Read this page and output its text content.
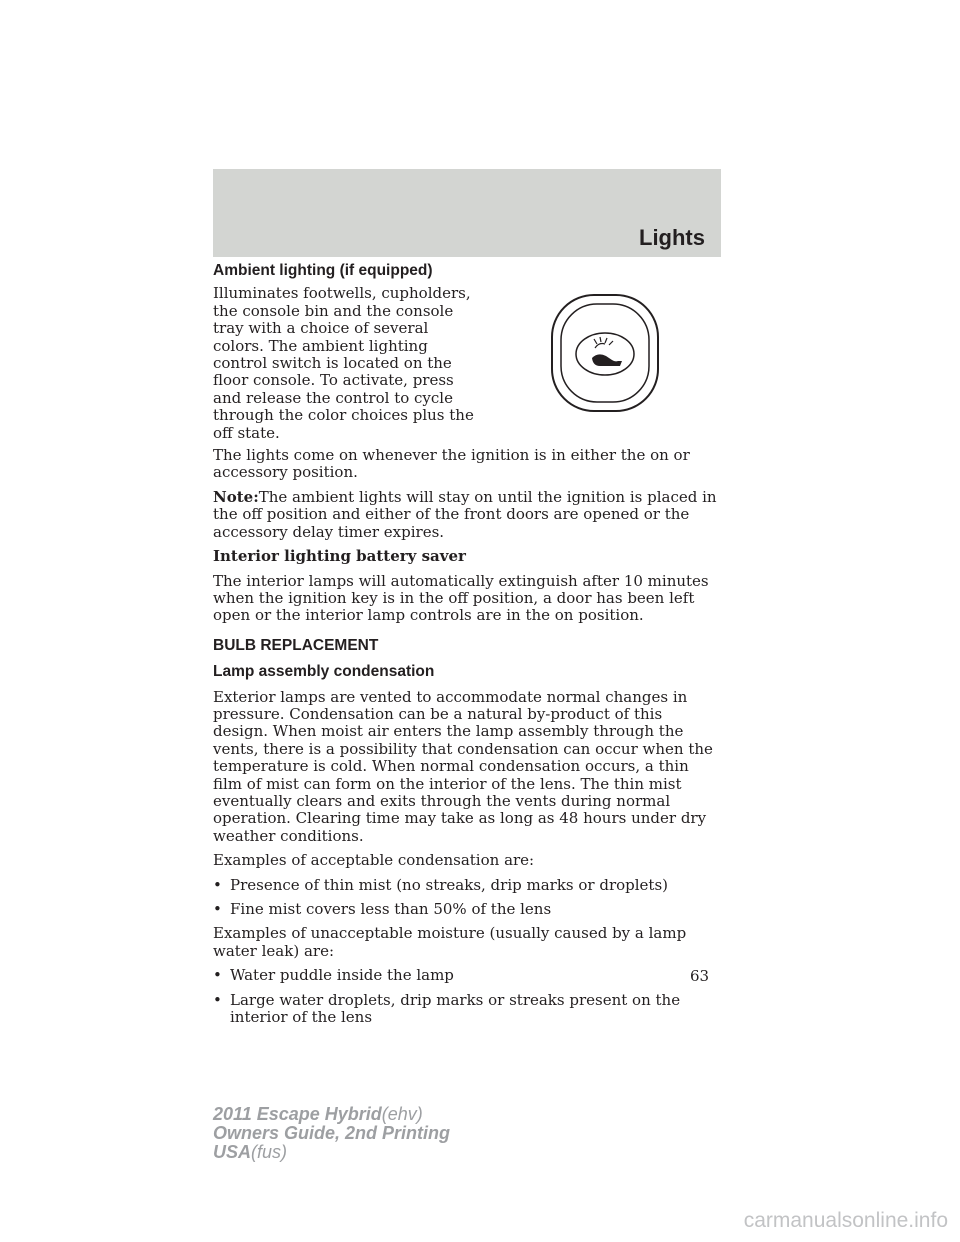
Lights
Ambient lighting (if equipped)

Illuminates footwells, cupholders, the console bin and the console tray with a choice of several colors. The ambient lighting control switch is located on the floor console. To activate, press and release the control to cycle through the color choices plus the off state.

The lights come on whenever the ignition is in either the on or accessory position.

Note:The ambient lights will stay on until the ignition is placed in the off position and either of the front doors are opened or the accessory delay timer expires.

Interior lighting battery saver

The interior lamps will automatically extinguish after 10 minutes when the ignition key is in the off position, a door has been left open or the interior lamp controls are in the on position.

BULB REPLACEMENT
Lamp assembly condensation

Exterior lamps are vented to accommodate normal changes in pressure. Condensation can be a natural by-product of this design. When moist air enters the lamp assembly through the vents, there is a possibility that condensation can occur when the temperature is cold. When normal condensation occurs, a thin film of mist can form on the interior of the lens. The thin mist eventually clears and exits through the vents during normal operation. Clearing time may take as long as 48 hours under dry weather conditions.

Examples of acceptable condensation are:

• Presence of thin mist (no streaks, drip marks or droplets)
• Fine mist covers less than 50% of the lens

Examples of unacceptable moisture (usually caused by a lamp water leak) are:

• Water puddle inside the lamp
• Large water droplets, drip marks or streaks present on the interior of the lens
63
2011 Escape Hybrid(ehv)
Owners Guide, 2nd Printing
USA(fus)
carmanualsonline.info
